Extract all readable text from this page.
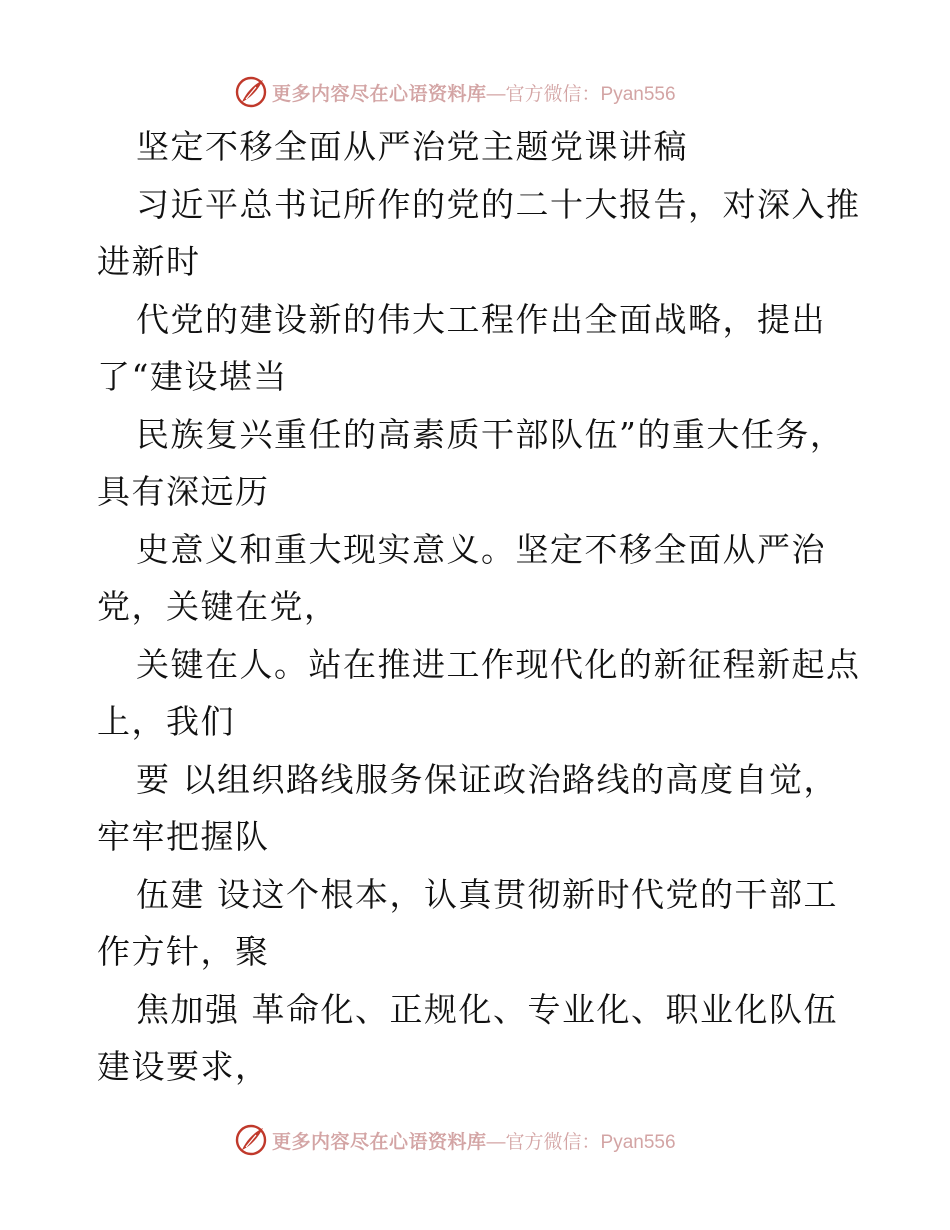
更多内容尽在心语资料库 —官方微信：Pyan556
坚定不移全面从严治党主题党课讲稿
习近平总书记所作的党的二十大报告，对深入推
进新时
代党的建设新的伟大工程作出全面战略，提出
了“建设堪当
民族复兴重任的高素质干部队伍”的重大任务，
具有深远历
史意义和重大现实意义。坚定不移全面从严治
党，关键在党，
关键在人。站在推进工作现代化的新征程新起点
上，我们
要 以组织路线服务保证政治路线的高度自觉，
牢牢把握队
伍建 设这个根本，认真贯彻新时代党的干部工
作方针，聚
焦加强 革命化、正规化、专业化、职业化队伍
建设要求，
更多内容尽在心语资料库 —官方微信：Pyan556
